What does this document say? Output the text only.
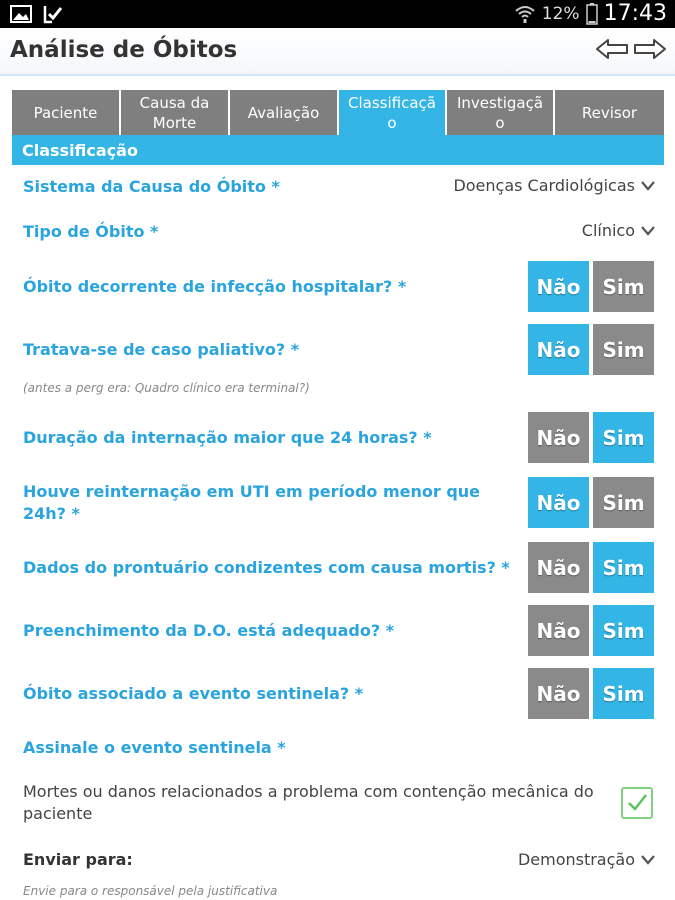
12% 17:43
Análise de Óbitos
Paciente
Causa da Morte
Avaliação
Classificação
Investigação
Revisor
Classificação
Sistema da Causa do Óbito *	Doenças Cardiológicas
Tipo de Óbito *	Clínico
Óbito decorrente de infecção hospitalar? *	Não	Sim
Tratava-se de caso paliativo? *	Não	Sim
(antes a perg era: Quadro clínico era terminal?)
Duração da internação maior que 24 horas? *	Não	Sim
Houve reinternação em UTI em período menor que 24h? *	Não	Sim
Dados do prontuário condizentes com causa mortis? *	Não	Sim
Preenchimento da D.O. está adequado? *	Não	Sim
Óbito associado a evento sentinela? *	Não	Sim
Assinale o evento sentinela *
Mortes ou danos relacionados a problema com contenção mecânica do paciente
Enviar para:	Demonstração
Envie para o responsável pela justificativa
